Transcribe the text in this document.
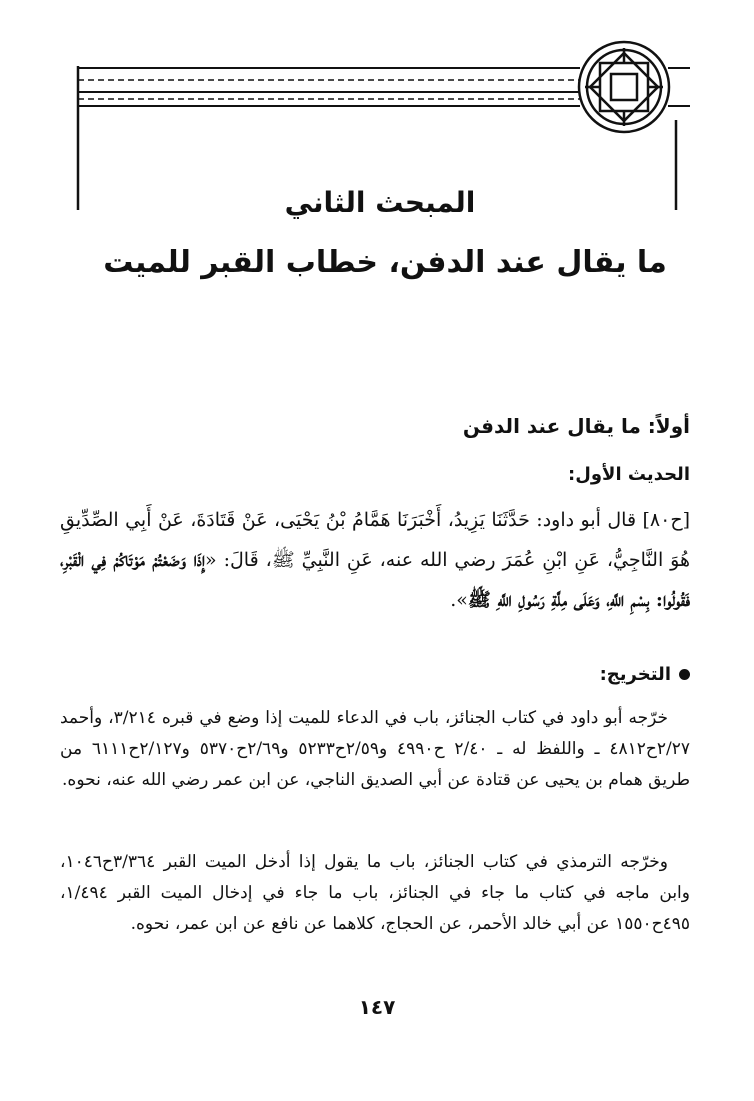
المبحث الثاني
ما يقال عند الدفن، خطاب القبر للميت
أولاً: ما يقال عند الدفن
الحديث الأول:

[ح٨٠] قال أبو داود: حَدَّثَنَا يَزِيدُ، أَخْبَرَنَا هَمَّامُ بْنُ يَحْيَى، عَنْ قَتَادَةَ، عَنْ أَبِي الصِّدِّيقِ هُوَ النَّاجِيُّ، عَنِ ابْنِ عُمَرَ رضي الله عنه، عَنِ النَّبِيِّ ﷺ، قَالَ: «إِذَا وَضَعْتُمْ مَوْتَاكُمْ فِي الْقَبْرِ، فَقُولُوا: بِسْمِ اللَّهِ، وَعَلَى مِلَّةِ رَسُولِ اللَّهِ ﷺ».

التخريج:

خرّجه أبو داود في كتاب الجنائز، باب في الدعاء للميت إذا وضع في قبره ٣/٢١٤، وأحمد ٢/٢٧ح٤٨١٢ ـ واللفظ له ـ ٢/٤٠ ح٤٩٩٠ و٢/٥٩ح٥٢٣٣ و٢/٦٩ح٥٣٧٠ و٢/١٢٧ح٦١١١ من طريق همام بن يحيى عن قتادة عن أبي الصديق الناجي، عن ابن عمر رضي الله عنه، نحوه.

وخرّجه الترمذي في كتاب الجنائز، باب ما يقول إذا أدخل الميت القبر ٣/٣٦٤ح١٠٤٦، وابن ماجه في كتاب ما جاء في الجنائز، باب ما جاء في إدخال الميت القبر ١/٤٩٤، ٤٩٥ح١٥٥٠ عن أبي خالد الأحمر، عن الحجاج، كلاهما عن نافع عن ابن عمر، نحوه.

١٤٧
